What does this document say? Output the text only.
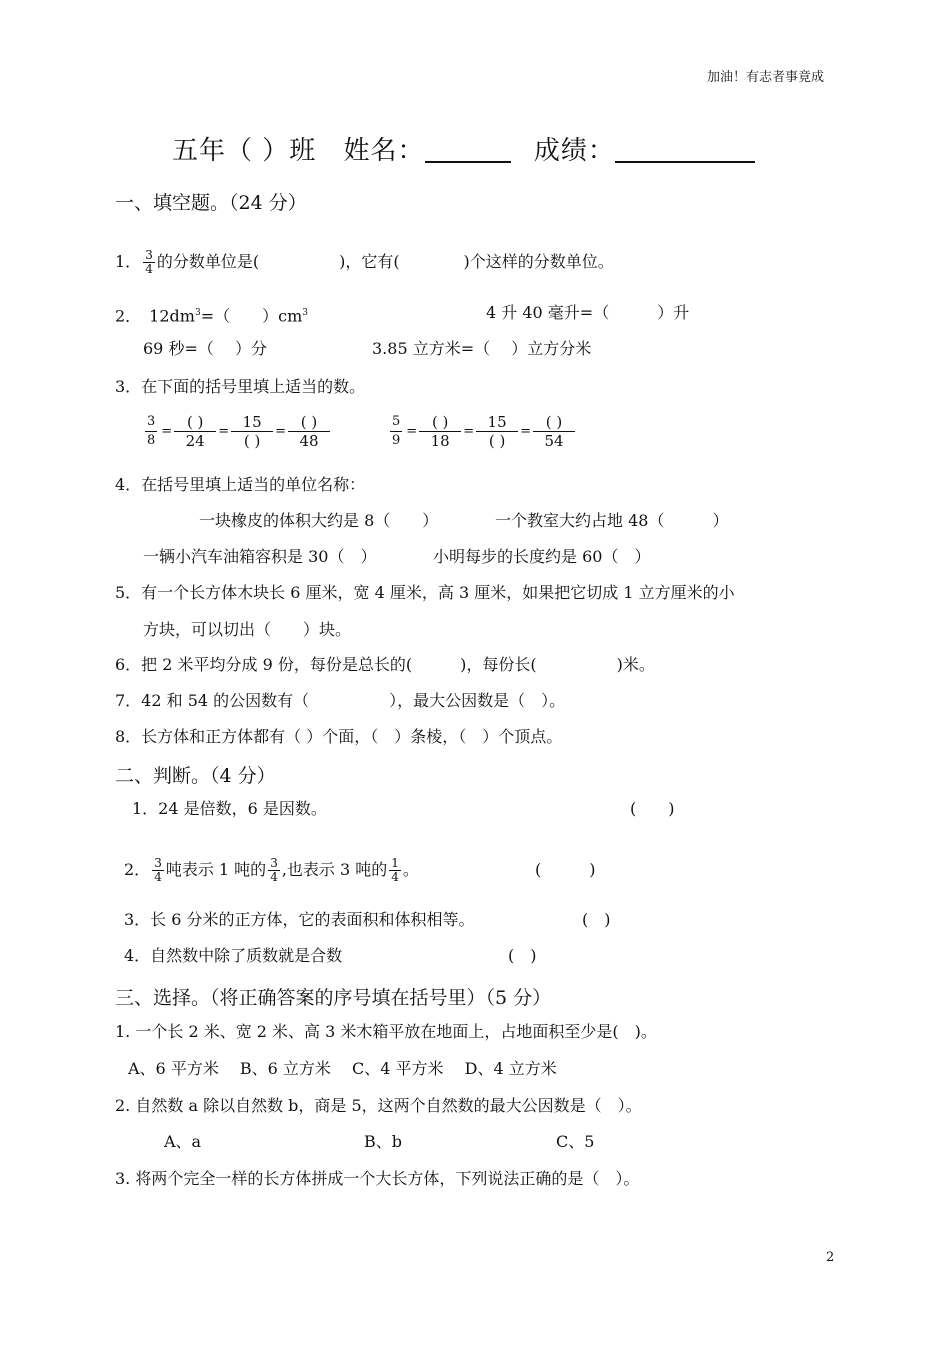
加油！有志者事竟成
五年（ ）班 姓名：	成绩：
一、填空题。（24 分）
1． $\frac{3}{4}$ 的分数单位是(　　　　　)，它有(　　　　)个这样的分数单位。
2．　$12dm^3=$（　　）$cm^3$	4 升 40 毫升=（　　　）升
69 秒=（　 ）分	3.85 立方米=（　 ）立方分米
3．在下面的括号里填上适当的数。
$\frac{3}{8}$ =
( )
24
=
15
( )
=
( )
48	$\frac{5}{9}$ =
( )
18
=
15
( )
=
( )
54
4．在括号里填上适当的单位名称：
一块橡皮的体积大约是 8（　　）	一个教室大约占地 48（　　　）
一辆小汽车油箱容积是 30（　）	小明每步的长度约是 60（　）
5．有一个长方体木块长 6 厘米，宽 4 厘米，高 3 厘米，如果把它切成 1 立方厘米的小
方块，可以切出（　　）块。
6．把 2 米平均分成 9 份，每份是总长的(　　　)，每份长(　　　　　)米。
7．42 和 54 的公因数有（　　　　　），最大公因数是（　）。
8．长方体和正方体都有（ ）个面，（　）条棱，（　）个顶点。
二、判断。（4 分）
1．24 是倍数，6 是因数。	(　　)
2． $\frac{3}{4}$ 吨表示 1 吨的 $\frac{3}{4}$ ,也表示 3 吨的 $\frac{1}{4}$ 。	(　　　)
3．长 6 分米的正方体，它的表面积和体积相等。	(　)
4．自然数中除了质数就是合数	(　)
三、选择。（将正确答案的序号填在括号里）（5 分）
1. 一个长 2 米、宽 2 米、高 3 米木箱平放在地面上，占地面积至少是(　)。
A、6 平方米　 B、6 立方米　 C、4 平方米　 D、4 立方米
2. 自然数 a 除以自然数 b，商是 5，这两个自然数的最大公因数是（　）。
A、a	B、b	C、5
3. 将两个完全一样的长方体拼成一个大长方体，下列说法正确的是（　）。
2
